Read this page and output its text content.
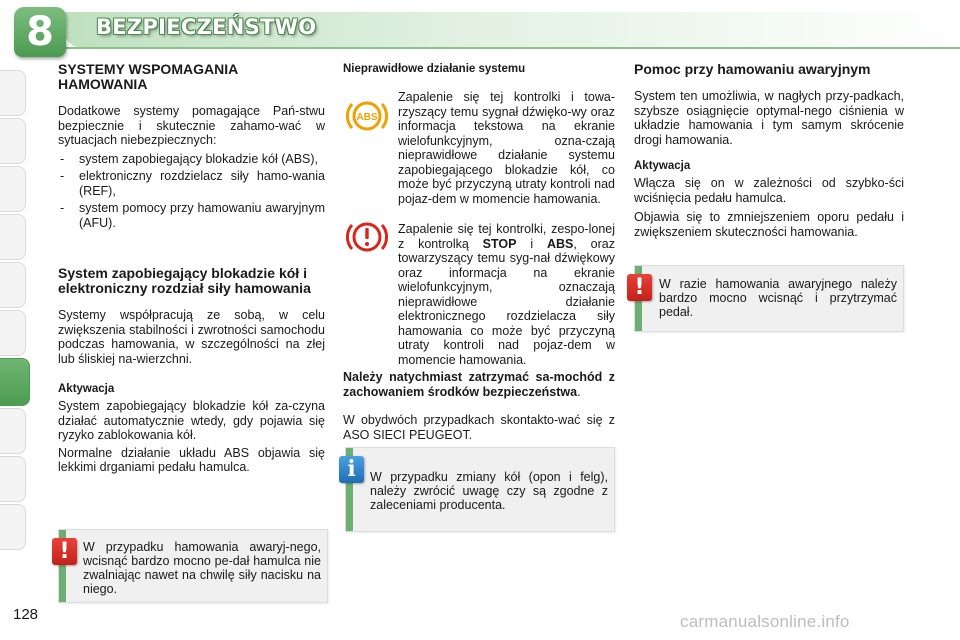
8	BEZPIECZEŃSTWO
SYSTEMY WSPOMAGANIA HAMOWANIA

Dodatkowe systemy pomagające Pań-stwu bezpiecznie i skutecznie zahamo-wać w sytuacjach niebezpiecznych:

- system zapobiegający blokadzie kół (ABS),
- elektroniczny rozdzielacz siły hamo-wania (REF),
- system pomocy przy hamowaniu awaryjnym (AFU).
System zapobiegający blokadzie kół i elektroniczny rozdział siły hamowania

Systemy współpracują ze sobą, w celu zwiększenia stabilności i zwrotności samochodu podczas hamowania, w szczególności na złej lub śliskiej na-wierzchni.

Aktywacja

System zapobiegający blokadzie kół za-czyna działać automatycznie wtedy, gdy pojawia się ryzyko zablokowania kół.

Normalne działanie układu ABS objawia się lekkimi drganiami pedału hamulca.

W przypadku hamowania awaryj-nego, wcisnąć bardzo mocno pe-dał hamulca nie zwalniając nawet na chwilę siły nacisku na niego.
!
Nieprawidłowe działanie systemu

Zapalenie się tej kontrolki i towa-rzyszący temu sygnał dźwięko-wy oraz informacja tekstowa na ekranie wielofunkcyjnym, ozna-czają nieprawidłowe działanie systemu zapobiegającego blokadzie kół, co może być przyczyną utraty kontroli nad pojaz-dem w momencie hamowania.

Zapalenie się tej kontrolki, zespo-lonej z kontrolką STOP i ABS, oraz towarzyszący temu syg-nał dźwiękowy oraz informacja na ekranie wielofunkcyjnym, oznaczają nieprawidłowe działanie elektronicznego rozdzielacza siły hamowania co może być przyczyną utraty kontroli nad pojaz-dem w momencie hamowania.

Należy natychmiast zatrzymać sa-mochód z zachowaniem środków bezpieczeństwa.

W obydwóch przypadkach skontakto-wać się z ASO SIECI PEUGEOT.

ABS
W przypadku zmiany kół (opon i felg), należy zwrócić uwagę czy są zgodne z zaleceniami producenta.
i
Pomoc przy hamowaniu awaryjnym

System ten umożliwia, w nagłych przy-padkach, szybsze osiągnięcie optymal-nego ciśnienia w układzie hamowania i tym samym skrócenie drogi hamowania.

Aktywacja

Włącza się on w zależności od szybko-ści wciśnięcia pedału hamulca.

Objawia się to zmniejszeniem oporu pedału i zwiększeniem skuteczności hamowania.

W razie hamowania awaryjnego należy bardzo mocno wcisnąć i przytrzymać pedał.
!
128	carmanualsonline.info
